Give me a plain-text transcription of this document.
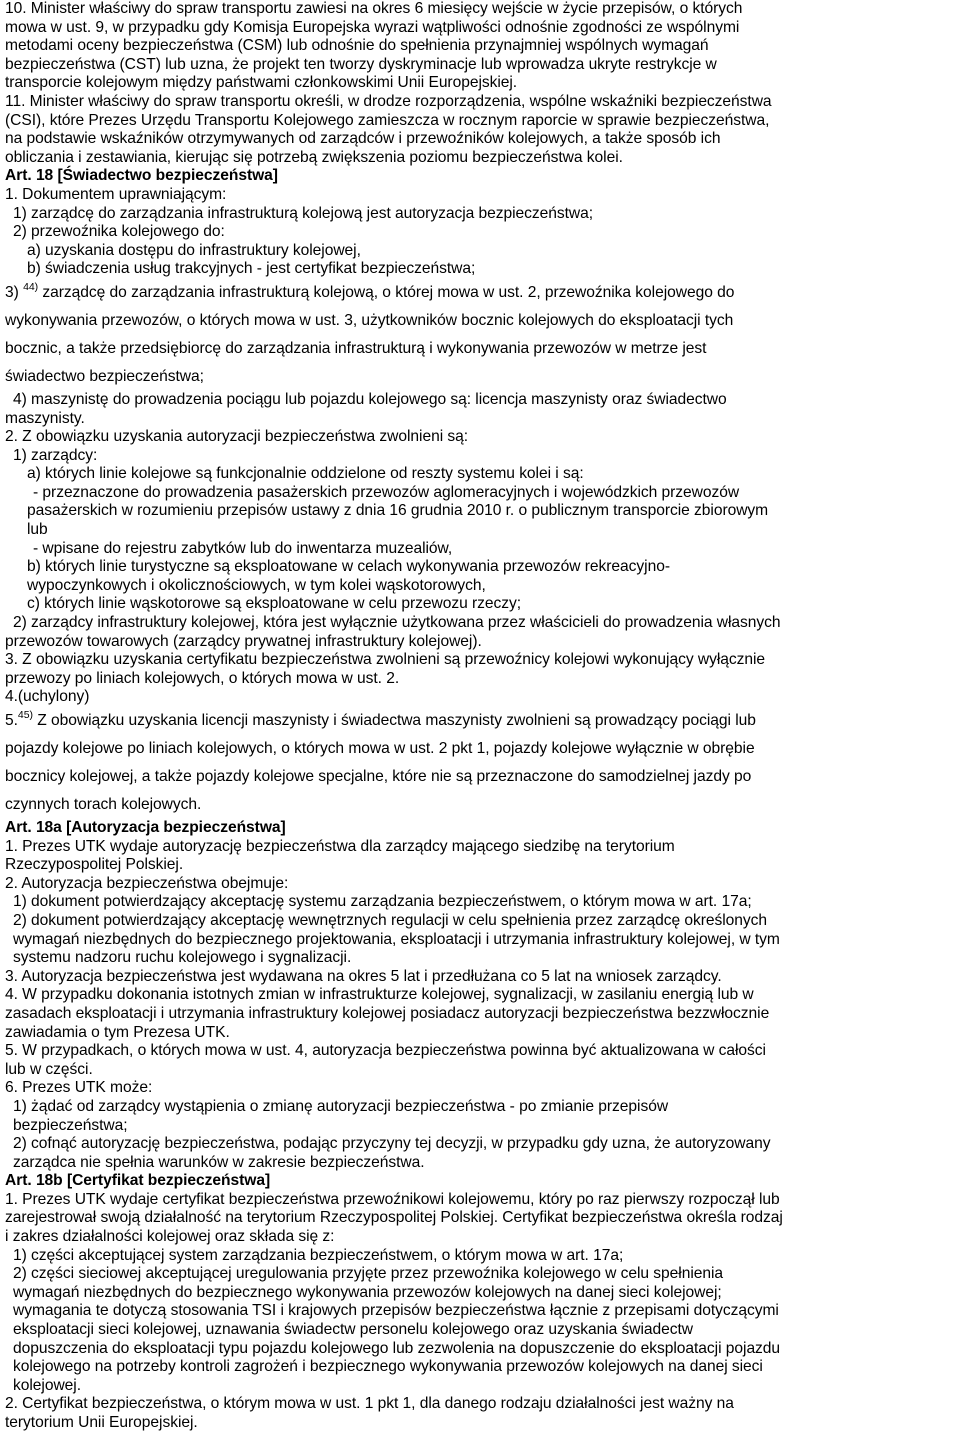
10. Minister właściwy do spraw transportu zawiesi na okres 6 miesięcy wejście w życie przepisów, o których
mowa w ust. 9, w przypadku gdy Komisja Europejska wyrazi wątpliwości odnośnie zgodności ze wspólnymi
metodami oceny bezpieczeństwa (CSM) lub odnośnie do spełnienia przynajmniej wspólnych wymagań
bezpieczeństwa (CST) lub uzna, że projekt ten tworzy dyskryminacje lub wprowadza ukryte restrykcje w
transporcie kolejowym między państwami członkowskimi Unii Europejskiej.
11. Minister właściwy do spraw transportu określi, w drodze rozporządzenia, wspólne wskaźniki bezpieczeństwa
(CSI), które Prezes Urzędu Transportu Kolejowego zamieszcza w rocznym raporcie w sprawie bezpieczeństwa,
na podstawie wskaźników otrzymywanych od zarządców i przewoźników kolejowych, a także sposób ich
obliczania i zestawiania, kierując się potrzebą zwiększenia poziomu bezpieczeństwa kolei.
Art. 18 [Świadectwo bezpieczeństwa]
1. Dokumentem uprawniającym:
1) zarządcę do zarządzania infrastrukturą kolejową jest autoryzacja bezpieczeństwa;
2) przewoźnika kolejowego do:
a) uzyskania dostępu do infrastruktury kolejowej,
b) świadczenia usług trakcyjnych - jest certyfikat bezpieczeństwa;
3) $^{44)}$ zarządcę do zarządzania infrastrukturą kolejową, o której mowa w ust. 2, przewoźnika kolejowego do
wykonywania przewozów, o których mowa w ust. 3, użytkowników bocznic kolejowych do eksploatacji tych
bocznic, a także przedsiębiorcę do zarządzania infrastrukturą i wykonywania przewozów w metrze jest
świadectwo bezpieczeństwa;
4) maszynistę do prowadzenia pociągu lub pojazdu kolejowego są: licencja maszynisty oraz świadectwo
maszynisty.
2. Z obowiązku uzyskania autoryzacji bezpieczeństwa zwolnieni są:
1) zarządcy:
a) których linie kolejowe są funkcjonalnie oddzielone od reszty systemu kolei i są:
- przeznaczone do prowadzenia pasażerskich przewozów aglomeracyjnych i wojewódzkich przewozów
pasażerskich w rozumieniu przepisów ustawy z dnia 16 grudnia 2010 r. o publicznym transporcie zbiorowym
lub
- wpisane do rejestru zabytków lub do inwentarza muzealiów,
b) których linie turystyczne są eksploatowane w celach wykonywania przewozów rekreacyjno-
wypoczynkowych i okolicznościowych, w tym kolei wąskotorowych,
c) których linie wąskotorowe są eksploatowane w celu przewozu rzeczy;
2) zarządcy infrastruktury kolejowej, która jest wyłącznie użytkowana przez właścicieli do prowadzenia własnych
przewozów towarowych (zarządcy prywatnej infrastruktury kolejowej).
3. Z obowiązku uzyskania certyfikatu bezpieczeństwa zwolnieni są przewoźnicy kolejowi wykonujący wyłącznie
przewozy po liniach kolejowych, o których mowa w ust. 2.
4.(uchylony)
5.$^{45)}$ Z obowiązku uzyskania licencji maszynisty i świadectwa maszynisty zwolnieni są prowadzący pociągi lub
pojazdy kolejowe po liniach kolejowych, o których mowa w ust. 2 pkt 1, pojazdy kolejowe wyłącznie w obrębie
bocznicy kolejowej, a także pojazdy kolejowe specjalne, które nie są przeznaczone do samodzielnej jazdy po
czynnych torach kolejowych.
Art. 18a [Autoryzacja bezpieczeństwa]
1. Prezes UTK wydaje autoryzację bezpieczeństwa dla zarządcy mającego siedzibę na terytorium
Rzeczypospolitej Polskiej.
2. Autoryzacja bezpieczeństwa obejmuje:
1) dokument potwierdzający akceptację systemu zarządzania bezpieczeństwem, o którym mowa w art. 17a;
2) dokument potwierdzający akceptację wewnętrznych regulacji w celu spełnienia przez zarządcę określonych
wymagań niezbędnych do bezpiecznego projektowania, eksploatacji i utrzymania infrastruktury kolejowej, w tym
systemu nadzoru ruchu kolejowego i sygnalizacji.
3. Autoryzacja bezpieczeństwa jest wydawana na okres 5 lat i przedłużana co 5 lat na wniosek zarządcy.
4. W przypadku dokonania istotnych zmian w infrastrukturze kolejowej, sygnalizacji, w zasilaniu energią lub w
zasadach eksploatacji i utrzymania infrastruktury kolejowej posiadacz autoryzacji bezpieczeństwa bezzwłocznie
zawiadamia o tym Prezesa UTK.
5. W przypadkach, o których mowa w ust. 4, autoryzacja bezpieczeństwa powinna być aktualizowana w całości
lub w części.
6. Prezes UTK może:
1) żądać od zarządcy wystąpienia o zmianę autoryzacji bezpieczeństwa - po zmianie przepisów
bezpieczeństwa;
2) cofnąć autoryzację bezpieczeństwa, podając przyczyny tej decyzji, w przypadku gdy uzna, że autoryzowany
zarządca nie spełnia warunków w zakresie bezpieczeństwa.
Art. 18b [Certyfikat bezpieczeństwa]
1. Prezes UTK wydaje certyfikat bezpieczeństwa przewoźnikowi kolejowemu, który po raz pierwszy rozpoczął lub
zarejestrował swoją działalność na terytorium Rzeczypospolitej Polskiej. Certyfikat bezpieczeństwa określa rodzaj
i zakres działalności kolejowej oraz składa się z:
1) części akceptującej system zarządzania bezpieczeństwem, o którym mowa w art. 17a;
2) części sieciowej akceptującej uregulowania przyjęte przez przewoźnika kolejowego w celu spełnienia
wymagań niezbędnych do bezpiecznego wykonywania przewozów kolejowych na danej sieci kolejowej;
wymagania te dotyczą stosowania TSI i krajowych przepisów bezpieczeństwa łącznie z przepisami dotyczącymi
eksploatacji sieci kolejowej, uznawania świadectw personelu kolejowego oraz uzyskania świadectw
dopuszczenia do eksploatacji typu pojazdu kolejowego lub zezwolenia na dopuszczenie do eksploatacji pojazdu
kolejowego na potrzeby kontroli zagrożeń i bezpiecznego wykonywania przewozów kolejowych na danej sieci
kolejowej.
2. Certyfikat bezpieczeństwa, o którym mowa w ust. 1 pkt 1, dla danego rodzaju działalności jest ważny na
terytorium Unii Europejskiej.
